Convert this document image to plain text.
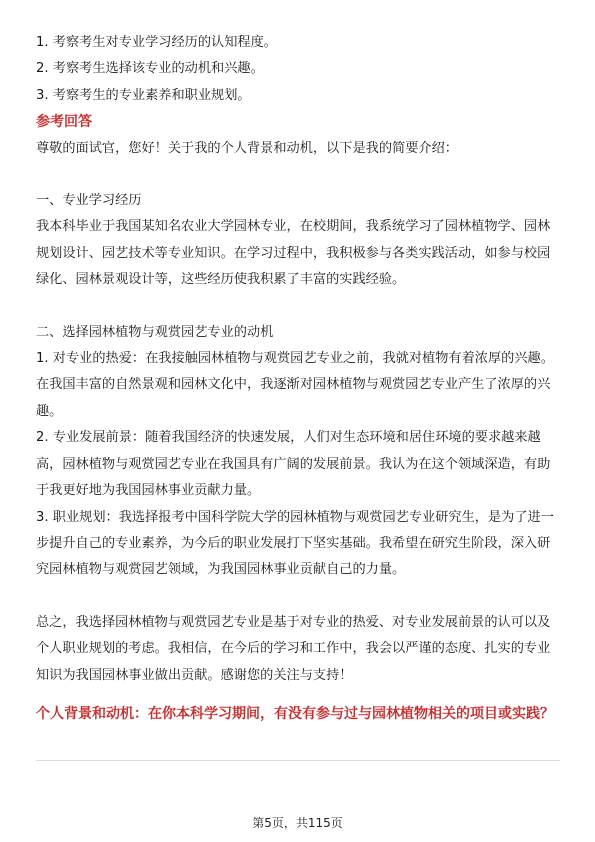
1. 考察考生对专业学习经历的认知程度。

2. 考察考生选择该专业的动机和兴趣。

3. 考察考生的专业素养和职业规划。

参考回答

尊敬的面试官，您好！关于我的个人背景和动机，以下是我的简要介绍：

一、专业学习经历

我本科毕业于我国某知名农业大学园林专业，在校期间，我系统学习了园林植物学、园林规划设计、园艺技术等专业知识。在学习过程中，我积极参与各类实践活动，如参与校园绿化、园林景观设计等，这些经历使我积累了丰富的实践经验。

二、选择园林植物与观赏园艺专业的动机

1. 对专业的热爱：在我接触园林植物与观赏园艺专业之前，我就对植物有着浓厚的兴趣。在我国丰富的自然景观和园林文化中，我逐渐对园林植物与观赏园艺专业产生了浓厚的兴趣。

2. 专业发展前景：随着我国经济的快速发展，人们对生态环境和居住环境的要求越来越高，园林植物与观赏园艺专业在我国具有广阔的发展前景。我认为在这个领域深造，有助于我更好地为我国园林事业贡献力量。

3. 职业规划：我选择报考中国科学院大学的园林植物与观赏园艺专业研究生，是为了进一步提升自己的专业素养，为今后的职业发展打下坚实基础。我希望在研究生阶段，深入研究园林植物与观赏园艺领域，为我国园林事业贡献自己的力量。

总之，我选择园林植物与观赏园艺专业是基于对专业的热爱、对专业发展前景的认可以及个人职业规划的考虑。我相信，在今后的学习和工作中，我会以严谨的态度、扎实的专业知识为我国园林事业做出贡献。感谢您的关注与支持！

个人背景和动机：在你本科学习期间，有没有参与过与园林植物相关的项目或实践？

第5页，共115页
